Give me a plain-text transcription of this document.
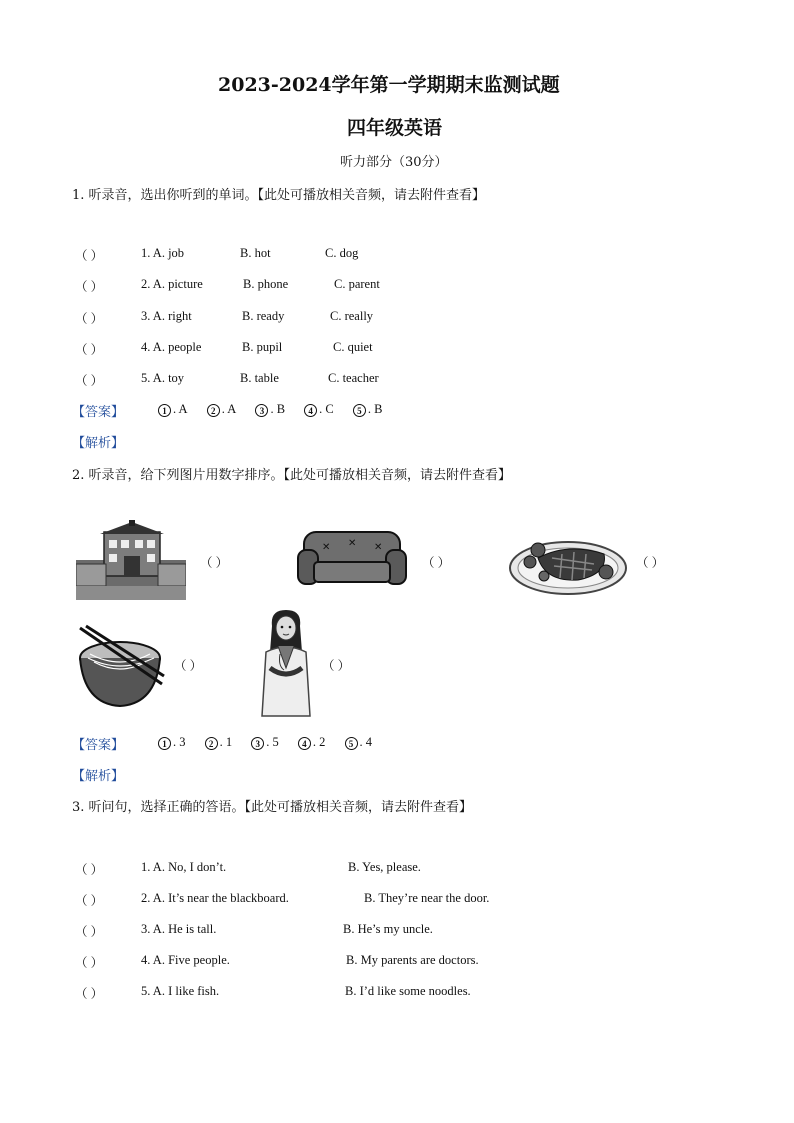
2023-2024学年第一学期期末监测试题
四年级英语
听力部分（30分）
1. 听录音，选出你听到的单词。【此处可播放相关音频，请去附件查看】
（ ）	1. A. job	B. hot	C. dog
（ ）	2. A. picture	B. phone	C. parent
（ ）	3. A. right	B. ready	C. really
（ ）	4. A. people	B. pupil	C. quiet
（ ）	5. A. toy	B. table	C. teacher
【答案】	1 . A	2 . A	3 . B	4 . C	5 . B
【解析】
2. 听录音，给下列图片用数字排序。【此处可播放相关音频，请去附件查看】
（ ）
✕ ✕ ✕
（ ）	（ ）
（ ）	（ ）
【答案】	1 . 3	2 . 1	3 . 5	4 . 2	5 . 4
【解析】
3. 听问句，选择正确的答语。【此处可播放相关音频，请去附件查看】
（ ）	1. A. No, I don’t.	B. Yes, please.
（ ）	2. A. It’s near the blackboard.	B. They’re near the door.
（ ）	3. A. He is tall.	B. He’s my uncle.
（ ）	4. A. Five people.	B. My parents are doctors.
（ ）	5. A. I like fish.	B. I’d like some noodles.
